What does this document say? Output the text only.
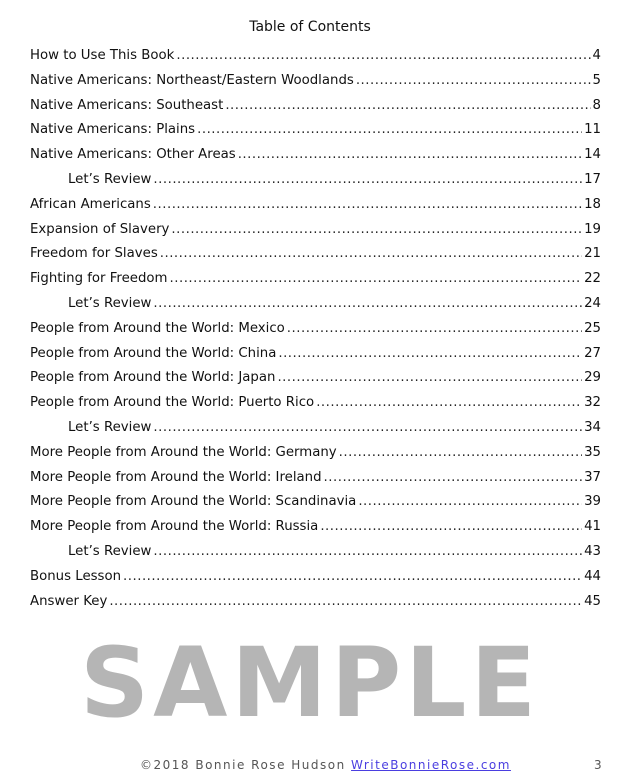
Table of Contents
How to Use This Book .....	4
Native Americans: Northeast/Eastern Woodlands .....	5
Native Americans: Southeast .....	8
Native Americans: Plains .....	11
Native Americans: Other Areas .....	14
Let’s Review .....	17
African Americans .....	18
Expansion of Slavery .....	19
Freedom for Slaves .....	21
Fighting for Freedom .....	22
Let’s Review .....	24
People from Around the World: Mexico .....	25
People from Around the World: China .....	27
People from Around the World: Japan .....	29
People from Around the World: Puerto Rico .....	32
Let’s Review .....	34
More People from Around the World: Germany .....	35
More People from Around the World: Ireland .....	37
More People from Around the World: Scandinavia .....	39
More People from Around the World: Russia .....	41
Let’s Review .....	43
Bonus Lesson .....	44
Answer Key .....	45
SAMPLE
©2018 Bonnie Rose Hudson WriteBonnieRose.com	3
